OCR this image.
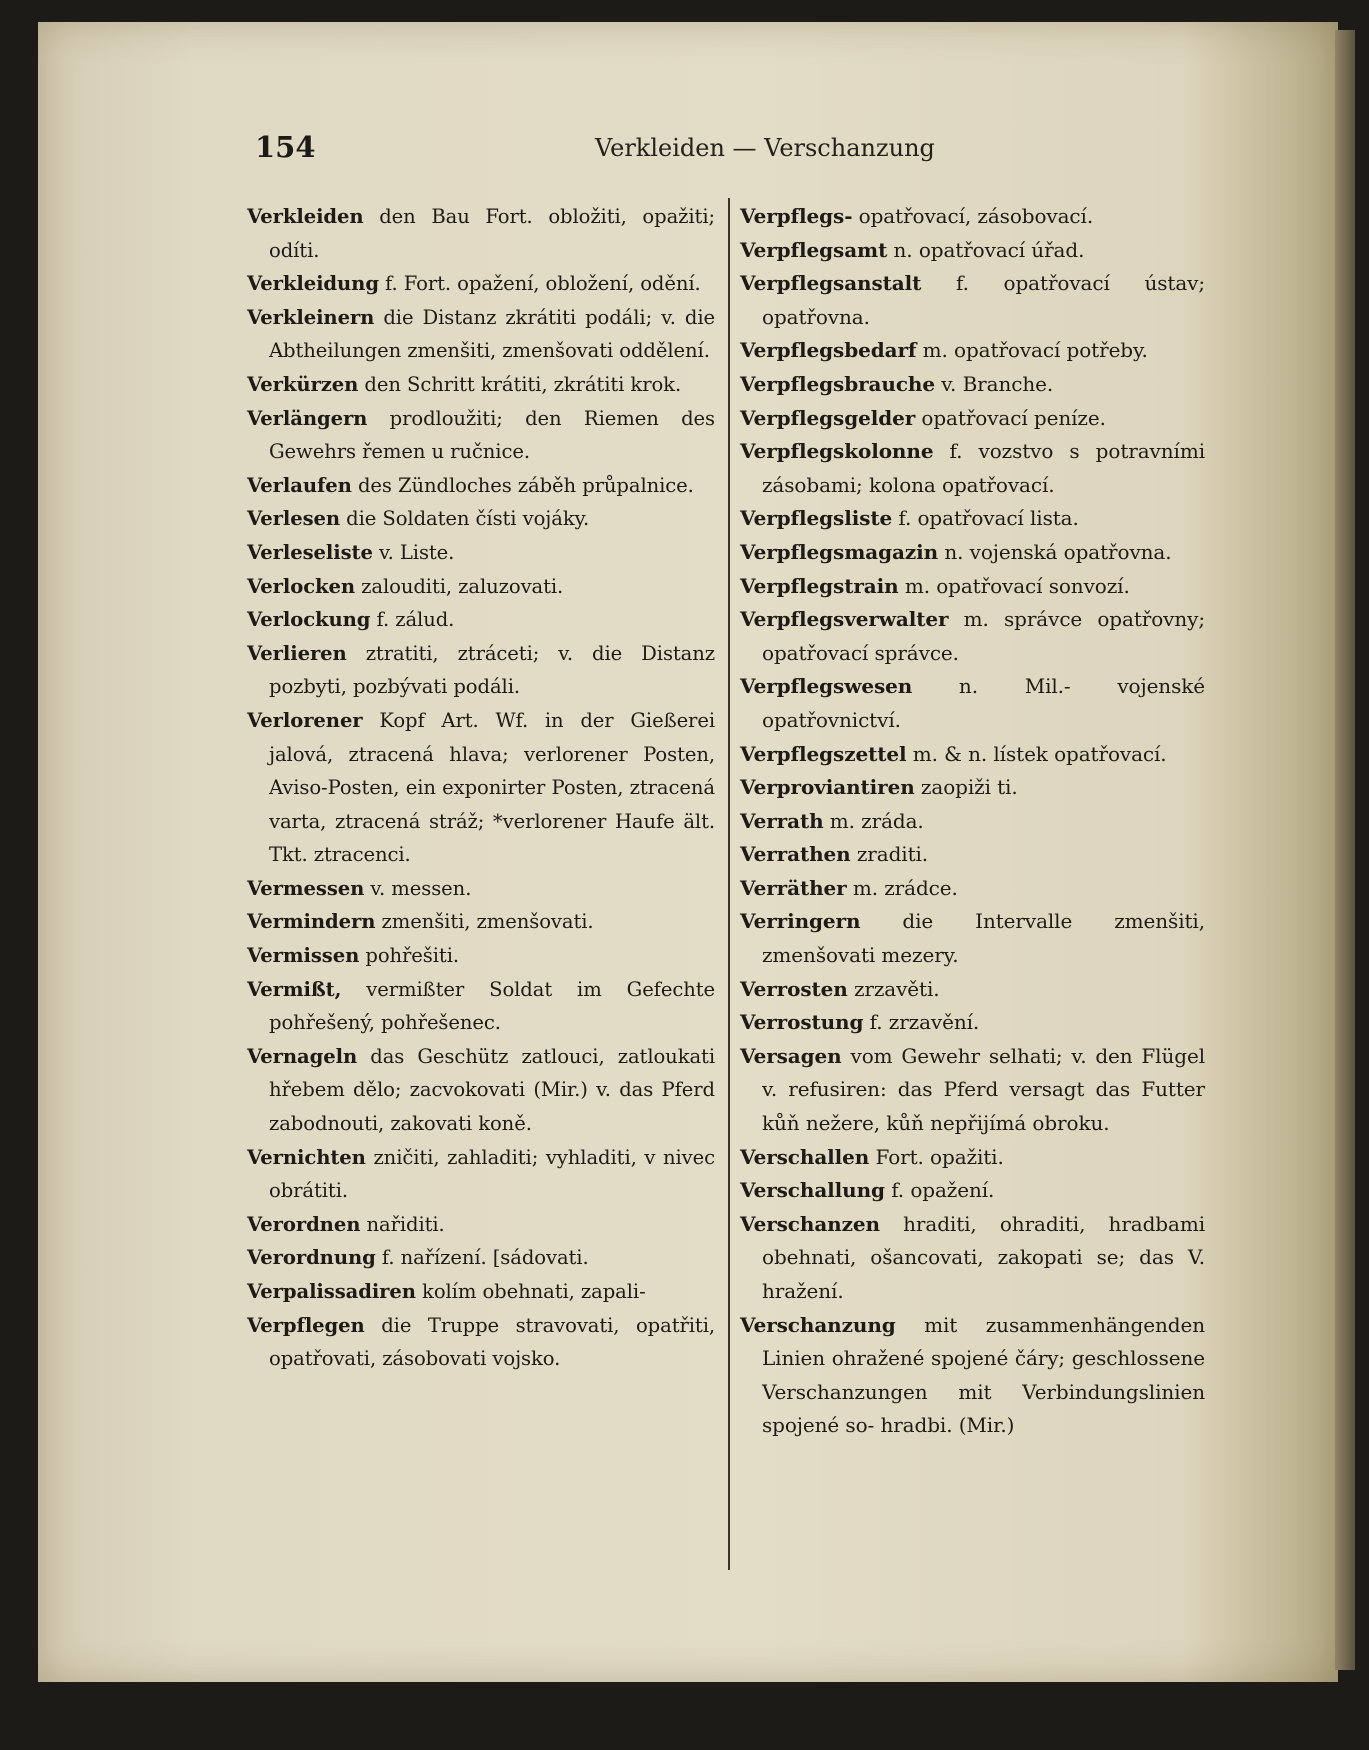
154	Verkleiden — Verschanzung

Verkleiden den Bau Fort. obložiti, opažiti; odíti.

Verkleidung f. Fort. opažení, obložení, odění.

Verkleinern die Distanz zkrátiti podáli; v. die Abtheilungen zmenšiti, zmenšovati oddělení.

Verkürzen den Schritt krátiti, zkrátiti krok.

Verlängern prodloužiti; den Riemen des Gewehrs řemen u ručnice.

Verlaufen des Zündloches záběh průpalnice.

Verlesen die Soldaten čísti vojáky.

Verleseliste v. Liste.

Verlocken zalouditi, zaluzovati.

Verlockung f. zálud.

Verlieren ztratiti, ztráceti; v. die Distanz pozbyti, pozbývati podáli.

Verlorener Kopf Art. Wf. in der Gießerei jalová, ztracená hlava; verlorener Posten, Aviso-Posten, ein exponirter Posten, ztracená varta, ztracená stráž; *verlorener Haufe ält. Tkt. ztracenci.

Vermessen v. messen.

Vermindern zmenšiti, zmenšovati.

Vermissen pohřešiti.

Vermißt, vermißter Soldat im Gefechte pohřešený, pohřešenec.

Vernageln das Geschütz zatlouci, zatloukati hřebem dělo; zacvokovati (Mir.) v. das Pferd zabodnouti, zakovati koně.

Vernichten zničiti, zahladiti; vyhladiti, v nivec obrátiti.

Verordnen nařiditi.

Verordnung f. nařízení. [sádovati.

Verpalissadiren kolím obehnati, zapali-

Verpflegen die Truppe stravovati, opatřiti, opatřovati, zásobovati vojsko.

Verpflegs- opatřovací, zásobovací.

Verpflegsamt n. opatřovací úřad.

Verpflegsanstalt f. opatřovací ústav; opatřovna.

Verpflegsbedarf m. opatřovací potřeby.

Verpflegsbrauche v. Branche.

Verpflegsgelder opatřovací peníze.

Verpflegskolonne f. vozstvo s potravními zásobami; kolona opatřovací.

Verpflegsliste f. opatřovací lista.

Verpflegsmagazin n. vojenská opatřovna.

Verpflegstrain m. opatřovací sonvozí.

Verpflegsverwalter m. správce opatřovny; opatřovací správce.

Verpflegswesen n. Mil.- vojenské opatřovnictví.

Verpflegszettel m. & n. lístek opatřovací.

Verproviantiren zaopiži ti.

Verrath m. zráda.

Verrathen zraditi.

Verräther m. zrádce.

Verringern die Intervalle zmenšiti, zmenšovati mezery.

Verrosten zrzavěti.

Verrostung f. zrzavění.

Versagen vom Gewehr selhati; v. den Flügel v. refusiren: das Pferd versagt das Futter kůň nežere, kůň nepřijímá obroku.

Verschallen Fort. opažiti.

Verschallung f. opažení.

Verschanzen hraditi, ohraditi, hradbami obehnati, ošancovati, zakopati se; das V. hražení.

Verschanzung mit zusammenhängenden Linien ohražené spojené čáry; geschlossene Verschanzungen mit Verbindungslinien spojené so- hradbi. (Mir.)
